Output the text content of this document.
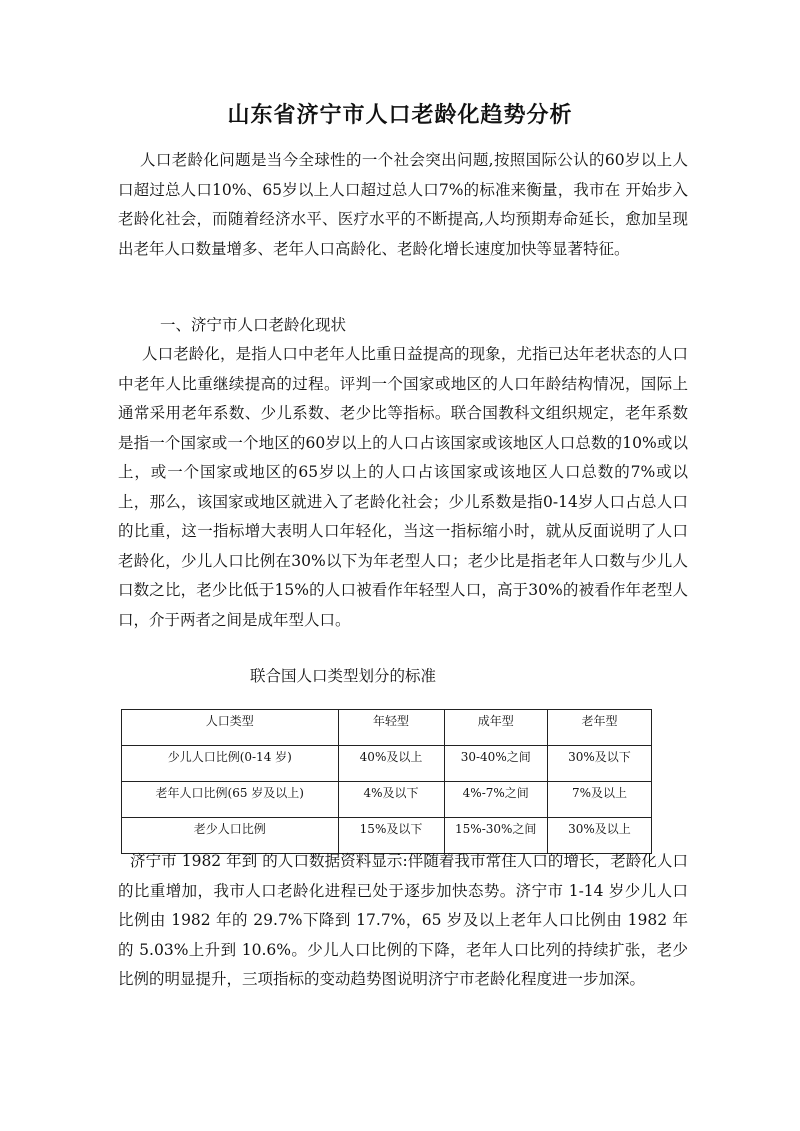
山东省济宁市人口老龄化趋势分析

人口老龄化问题是当今全球性的一个社会突出问题,按照国际公认的60岁以上人口超过总人口10%、65岁以上人口超过总人口7%的标准来衡量，我市在 开始步入老龄化社会，而随着经济水平、医疗水平的不断提高,人均预期寿命延长，愈加呈现出老年人口数量增多、老年人口高龄化、老龄化增长速度加快等显著特征。

一、济宁市人口老龄化现状

人口老龄化，是指人口中老年人比重日益提高的现象，尤指已达年老状态的人口中老年人比重继续提高的过程。评判一个国家或地区的人口年龄结构情况，国际上通常采用老年系数、少儿系数、老少比等指标。联合国教科文组织规定，老年系数是指一个国家或一个地区的60岁以上的人口占该国家或该地区人口总数的10%或以上，或一个国家或地区的65岁以上的人口占该国家或该地区人口总数的7%或以上，那么，该国家或地区就进入了老龄化社会；少儿系数是指0-14岁人口占总人口的比重，这一指标增大表明人口年轻化，当这一指标缩小时，就从反面说明了人口老龄化，少儿人口比例在30%以下为年老型人口；老少比是指老年人口数与少儿人口数之比，老少比低于15%的人口被看作年轻型人口，高于30%的被看作年老型人口，介于两者之间是成年型人口。

联合国人口类型划分的标准

人口类型	年轻型	成年型	老年型
少儿人口比例(0-14 岁)	40%及以上	30-40%之间	30%及以下
老年人口比例(65 岁及以上)	4%及以下	4%-7%之间	7%及以上
老少人口比例	15%及以下	15%-30%之间	30%及以上

济宁市 1982 年到 的人口数据资料显示:伴随着我市常住人口的增长，老龄化人口的比重增加，我市人口老龄化进程已处于逐步加快态势。济宁市 1-14 岁少儿人口比例由 1982 年的 29.7%下降到 17.7%，65 岁及以上老年人口比例由 1982 年的 5.03%上升到 10.6%。少儿人口比例的下降，老年人口比列的持续扩张，老少比例的明显提升，三项指标的变动趋势图说明济宁市老龄化程度进一步加深。
